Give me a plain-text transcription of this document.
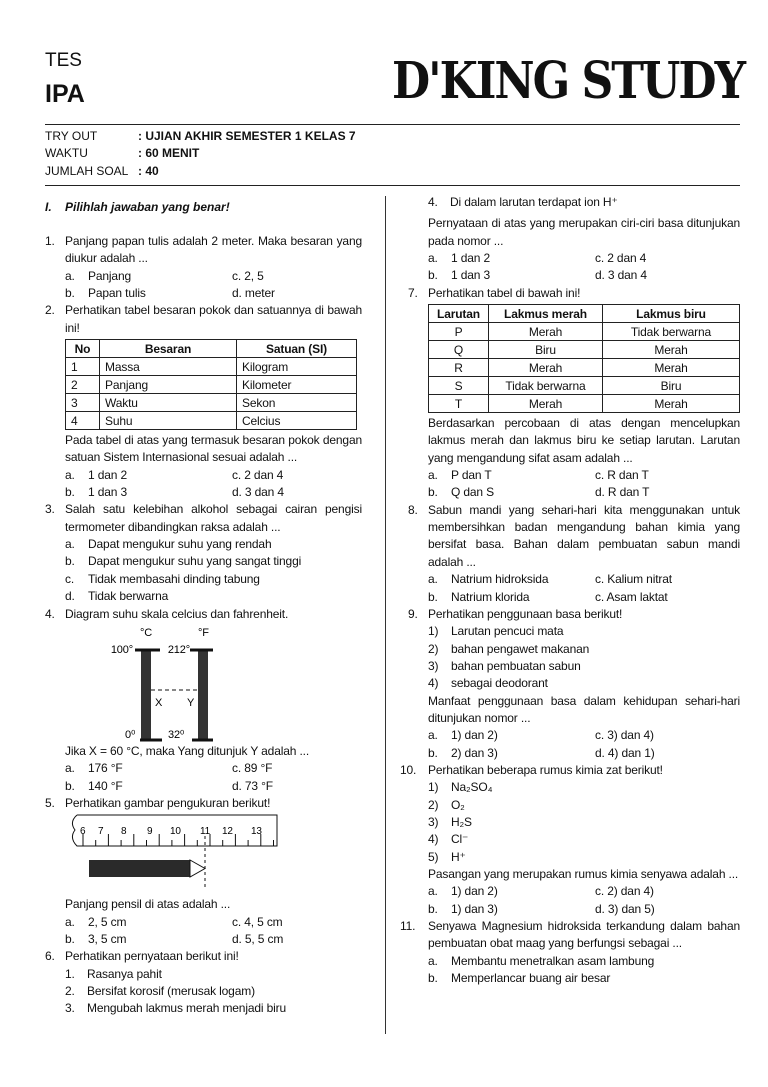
TES
IPA	D'KING STUDY
TRY OUT	: UJIAN AKHIR SEMESTER 1 KELAS 7
WAKTU	: 60 MENIT
JUMLAH SOAL : 40
I. Pilihlah jawaban yang benar!
1. Panjang papan tulis adalah 2 meter. Maka besaran yang diukur adalah ...
a.	Panjang	c. 2, 5
b.	Papan tulis	d. meter
2. Perhatikan tabel besaran pokok dan satuannya di bawah ini!
No	Besaran	Satuan (SI)
1	Massa	Kilogram
2	Panjang	Kilometer
3	Waktu	Sekon
4	Suhu	Celcius
Pada tabel di atas yang termasuk besaran pokok dengan satuan Sistem Internasional sesuai adalah ...
a.	1 dan 2	c. 2 dan 4
b.	1 dan 3	d. 3 dan 4
3. Salah satu kelebihan alkohol sebagai cairan pengisi termometer dibandingkan raksa adalah ...
a.	Dapat mengukur suhu yang rendah
b.	Dapat mengukur suhu yang sangat tinggi
c.	Tidak membasahi dinding tabung
d.	Tidak berwarna
4. Diagram suhu skala celcius dan fahrenheit.
°C	°F
100°	212°
X Y
0⁰	32⁰
Jika X = 60 °C, maka Yang ditunjuk Y adalah ...
a.	176 °F	c. 89 °F
b.	140 °F	d. 73 °F
5. Perhatikan gambar pengukuran berikut!
6 7 8 9 10 11 12 13
Panjang pensil di atas adalah ...
a.	2, 5 cm	c. 4, 5 cm
b.	3, 5 cm	d. 5, 5 cm
6. Perhatikan pernyataan berikut ini!
1.	Rasanya pahit
2.	Bersifat korosif (merusak logam)
3.	Mengubah lakmus merah menjadi biru
4.	Di dalam larutan terdapat ion H⁺
Pernyataan di atas yang merupakan ciri-ciri basa ditunjukan pada nomor ...
a.	1 dan 2	c. 2 dan 4
b.	1 dan 3	d. 3 dan 4
7. Perhatikan tabel di bawah ini!
Larutan	Lakmus merah	Lakmus biru
P	Merah	Tidak berwarna
Q	Biru	Merah
R	Merah	Merah
S	Tidak berwarna	Biru
T	Merah	Merah
Berdasarkan percobaan di atas dengan mencelupkan lakmus merah dan lakmus biru ke setiap larutan. Larutan yang mengandung sifat asam adalah ...
a.	P dan T	c. R dan T
b.	Q dan S	d. R dan T
8. Sabun mandi yang sehari-hari kita menggunakan untuk membersihkan badan mengandung bahan kimia yang bersifat basa. Bahan dalam pembuatan sabun mandi adalah ...
a.	Natrium hidroksida	c. Kalium nitrat
b.	Natrium klorida	c. Asam laktat
9. Perhatikan penggunaan basa berikut!
1)	Larutan pencuci mata
2)	bahan pengawet makanan
3)	bahan pembuatan sabun
4)	sebagai deodorant
Manfaat penggunaan basa dalam kehidupan sehari-hari ditunjukan nomor ...
a.	1) dan 2)	c. 3) dan 4)
b.	2) dan 3)	d. 4) dan 1)
10. Perhatikan beberapa rumus kimia zat berikut!
1)	Na₂SO₄
2)	O₂
3)	H₂S
4)	Cl⁻
5)	H⁺
Pasangan yang merupakan rumus kimia senyawa adalah ...
a.	1) dan 2)	c. 2) dan 4)
b.	1) dan 3)	d. 3) dan 5)
11.	Senyawa Magnesium hidroksida terkandung dalam bahan pembuatan obat maag yang berfungsi sebagai ...
a.	Membantu menetralkan asam lambung
b.	Memperlancar buang air besar
